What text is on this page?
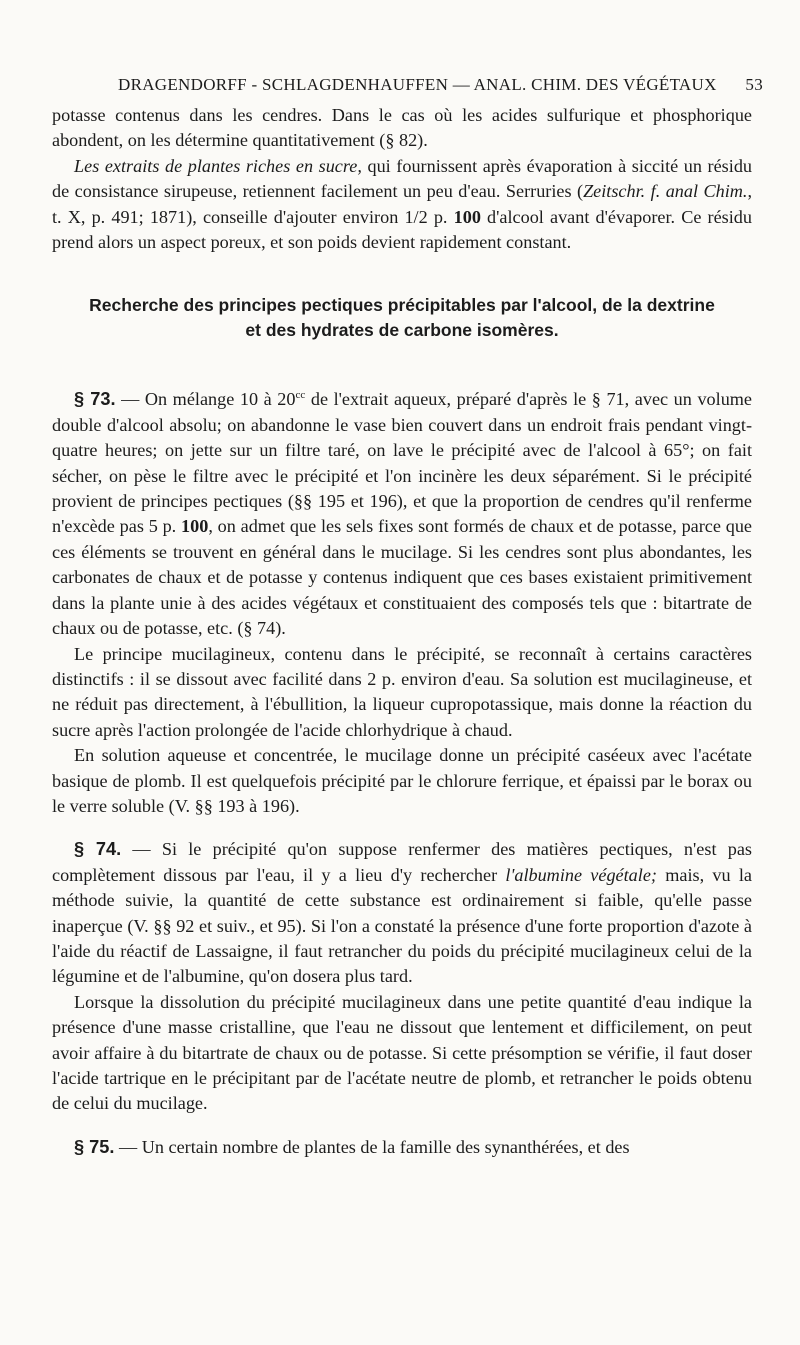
DRAGENDORFF - SCHLAGDENHAUFFEN — ANAL. CHIM. DES VÉGÉTAUX 53

potasse contenus dans les cendres. Dans le cas où les acides sulfurique et phosphorique abondent, on les détermine quantitativement (§ 82).

Les extraits de plantes riches en sucre, qui fournissent après évaporation à siccité un résidu de consistance sirupeuse, retiennent facilement un peu d'eau. Serruries (Zeitschr. f. anal Chim., t. X, p. 491; 1871), conseille d'ajouter environ 1/2 p. 100 d'alcool avant d'évaporer. Ce résidu prend alors un aspect poreux, et son poids devient rapidement constant.

Recherche des principes pectiques précipitables par l'alcool, de la dextrine
et des hydrates de carbone isomères.

§ 73. — On mélange 10 à $20^{cc}$ de l'extrait aqueux, préparé d'après le § 71, avec un volume double d'alcool absolu; on abandonne le vase bien couvert dans un endroit frais pendant vingt-quatre heures; on jette sur un filtre taré, on lave le précipité avec de l'alcool à 65°; on fait sécher, on pèse le filtre avec le précipité et l'on incinère les deux séparément. Si le précipité provient de principes pectiques (§§ 195 et 196), et que la proportion de cendres qu'il renferme n'excède pas 5 p. 100, on admet que les sels fixes sont formés de chaux et de potasse, parce que ces éléments se trouvent en général dans le mucilage. Si les cendres sont plus abondantes, les carbonates de chaux et de potasse y contenus indiquent que ces bases existaient primitivement dans la plante unie à des acides végétaux et constituaient des composés tels que : bitartrate de chaux ou de potasse, etc. (§ 74).

Le principe mucilagineux, contenu dans le précipité, se reconnaît à certains caractères distinctifs : il se dissout avec facilité dans 2 p. environ d'eau. Sa solution est mucilagineuse, et ne réduit pas directement, à l'ébullition, la liqueur cupropotassique, mais donne la réaction du sucre après l'action prolongée de l'acide chlorhydrique à chaud.

En solution aqueuse et concentrée, le mucilage donne un précipité caséeux avec l'acétate basique de plomb. Il est quelquefois précipité par le chlorure ferrique, et épaissi par le borax ou le verre soluble (V. §§ 193 à 196).

§ 74. — Si le précipité qu'on suppose renfermer des matières pectiques, n'est pas complètement dissous par l'eau, il y a lieu d'y rechercher l'albumine végétale; mais, vu la méthode suivie, la quantité de cette substance est ordinairement si faible, qu'elle passe inaperçue (V. §§ 92 et suiv., et 95). Si l'on a constaté la présence d'une forte proportion d'azote à l'aide du réactif de Lassaigne, il faut retrancher du poids du précipité mucilagineux celui de la légumine et de l'albumine, qu'on dosera plus tard.

Lorsque la dissolution du précipité mucilagineux dans une petite quantité d'eau indique la présence d'une masse cristalline, que l'eau ne dissout que lentement et difficilement, on peut avoir affaire à du bitartrate de chaux ou de potasse. Si cette présomption se vérifie, il faut doser l'acide tartrique en le précipitant par de l'acétate neutre de plomb, et retrancher le poids obtenu de celui du mucilage.

§ 75. — Un certain nombre de plantes de la famille des synanthérées, et des
